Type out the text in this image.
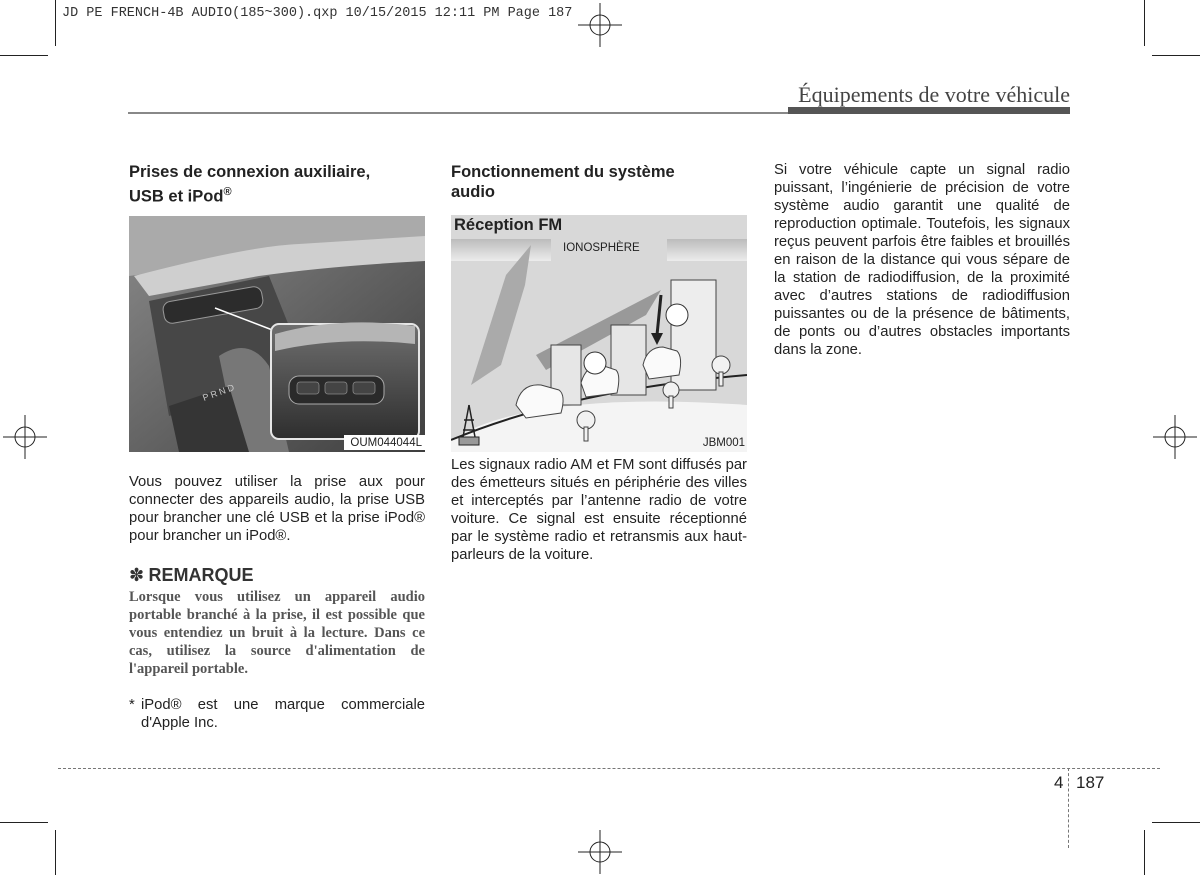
JD PE FRENCH-4B AUDIO(185~300).qxp 10/15/2015 12:11 PM Page 187
Équipements de votre véhicule
Prises de connexion auxiliaire,
USB et iPod®
P R N D
OUM044044L

Vous pouvez utiliser la prise aux pour connecter des appareils audio, la prise USB pour brancher une clé USB et la prise iPod® pour brancher un iPod®.

✽ REMARQUE
Lorsque vous utilisez un appareil audio portable branché à la prise, il est possible que vous entendiez un bruit à la lecture. Dans ce cas, utilisez la source d'alimentation de l'appareil portable.
* iPod® est une marque commerciale d'Apple Inc.
Fonctionnement du système
audio
Réception FM
IONOSPHÈRE
JBM001

Les signaux radio AM et FM sont diffusés par des émetteurs situés en périphérie des villes et interceptés par l’antenne radio de votre voiture. Ce signal est ensuite réceptionné par le système radio et retransmis aux haut-parleurs de la voiture.

Si votre véhicule capte un signal radio puissant, l’ingénierie de précision de votre système audio garantit une qualité de reproduction optimale. Toutefois, les signaux reçus peuvent parfois être faibles et brouillés en raison de la distance qui vous sépare de la station de radiodiffusion, de la proximité avec d’autres stations de radiodiffusion puissantes ou de la présence de bâtiments, de ponts ou d’autres obstacles importants dans la zone.

4 187
